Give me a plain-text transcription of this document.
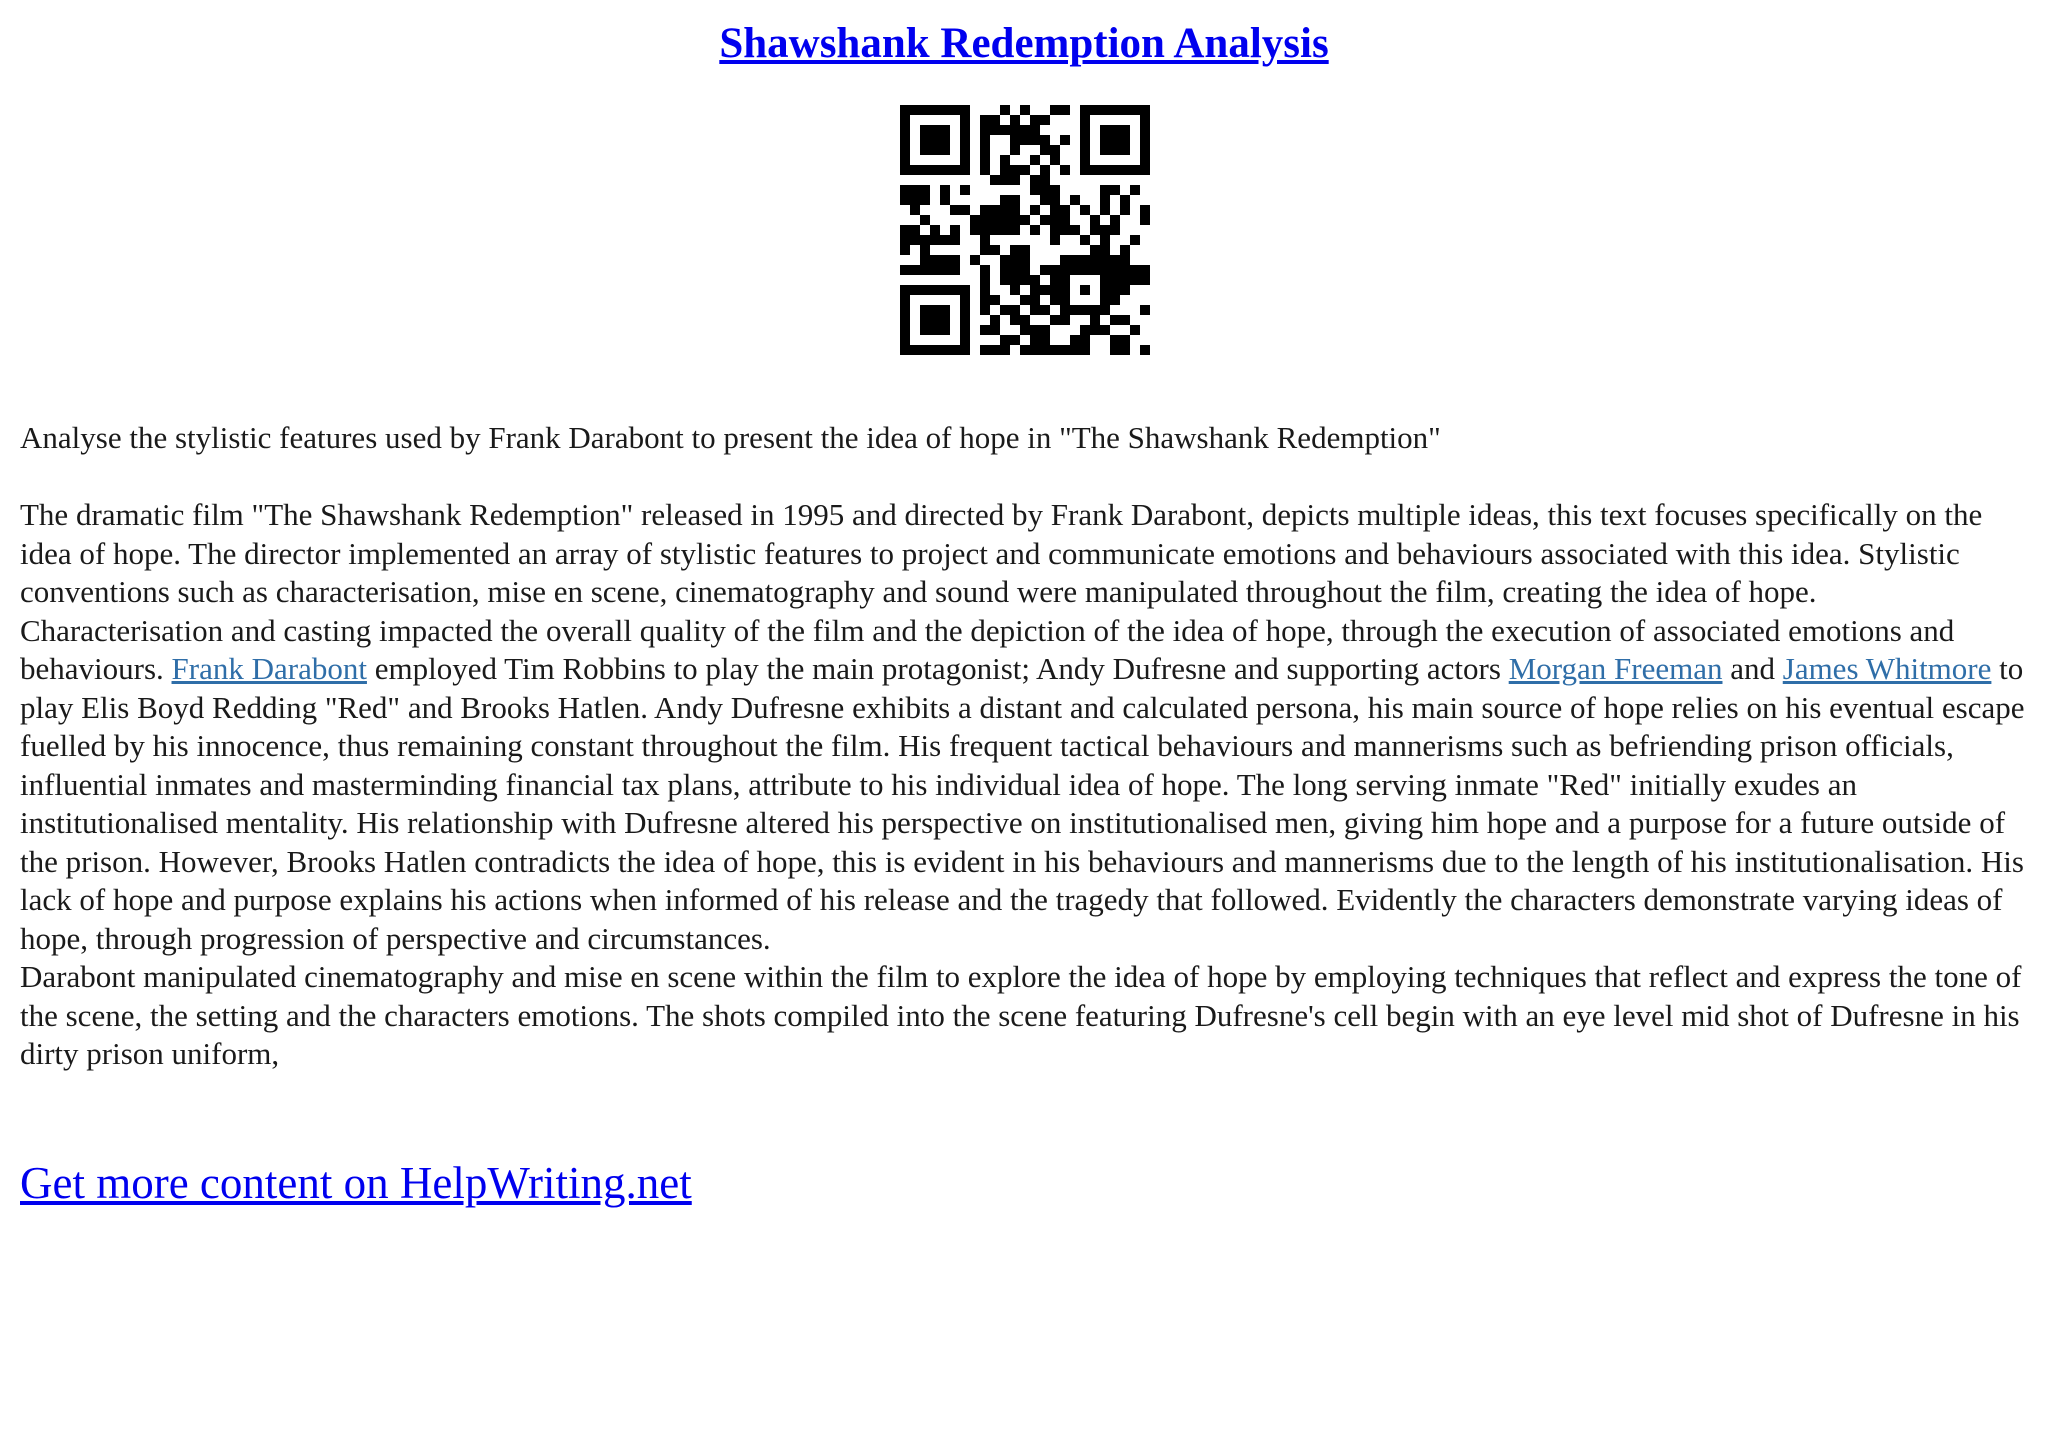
Shawshank Redemption Analysis

Analyse the stylistic features used by Frank Darabont to present the idea of hope in "The Shawshank Redemption"

The dramatic film "The Shawshank Redemption" released in 1995 and directed by Frank Darabont, depicts multiple ideas, this text focuses specifically on the idea of hope. The director implemented an array of stylistic features to project and communicate emotions and behaviours associated with this idea. Stylistic conventions such as characterisation, mise en scene, cinematography and sound were manipulated throughout the film, creating the idea of hope.

Characterisation and casting impacted the overall quality of the film and the depiction of the idea of hope, through the execution of associated emotions and behaviours. Frank Darabont employed Tim Robbins to play the main protagonist; Andy Dufresne and supporting actors Morgan Freeman and James Whitmore to play Elis Boyd Redding "Red" and Brooks Hatlen. Andy Dufresne exhibits a distant and calculated persona, his main source of hope relies on his eventual escape fuelled by his innocence, thus remaining constant throughout the film. His frequent tactical behaviours and mannerisms such as befriending prison officials, influential inmates and masterminding financial tax plans, attribute to his individual idea of hope. The long serving inmate "Red" initially exudes an institutionalised mentality. His relationship with Dufresne altered his perspective on institutionalised men, giving him hope and a purpose for a future outside of the prison. However, Brooks Hatlen contradicts the idea of hope, this is evident in his behaviours and mannerisms due to the length of his institutionalisation. His lack of hope and purpose explains his actions when informed of his release and the tragedy that followed. Evidently the characters demonstrate varying ideas of hope, through progression of perspective and circumstances.

Darabont manipulated cinematography and mise en scene within the film to explore the idea of hope by employing techniques that reflect and express the tone of the scene, the setting and the characters emotions. The shots compiled into the scene featuring Dufresne's cell begin with an eye level mid shot of Dufresne in his dirty prison uniform,

Get more content on HelpWriting.net
